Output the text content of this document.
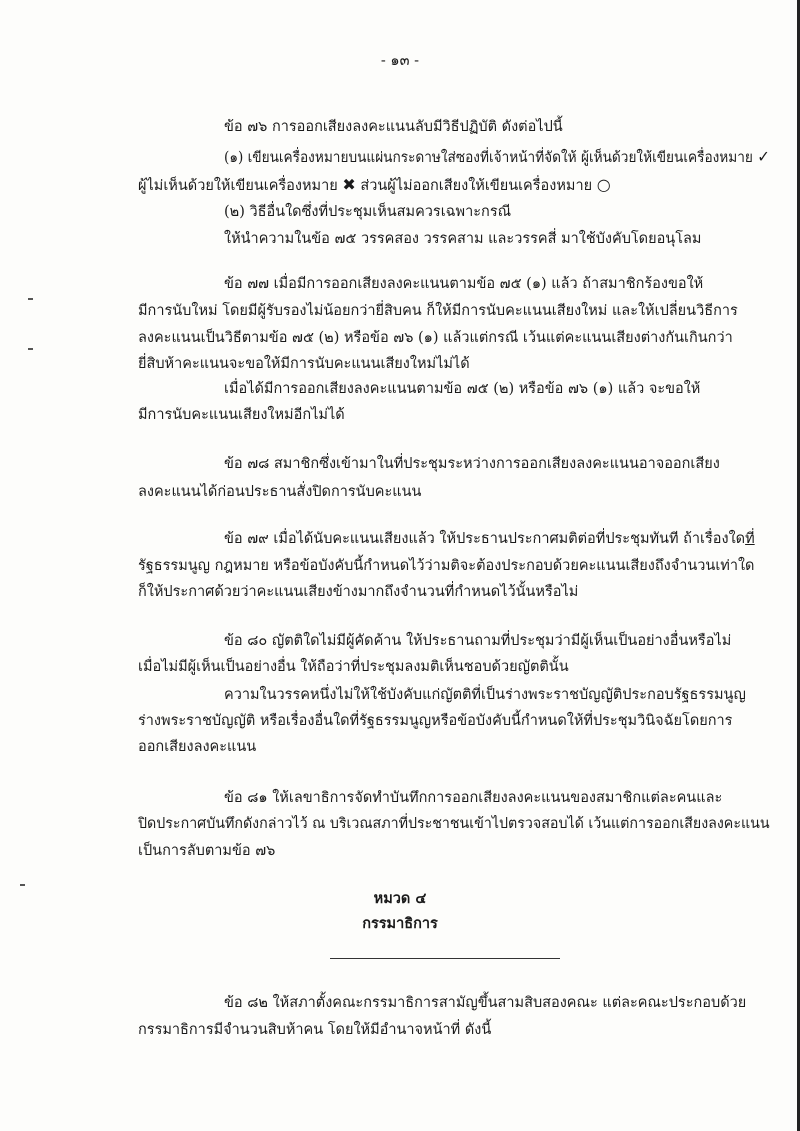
- ๑๓ -
ข้อ ๗๖ การออกเสียงลงคะแนนลับมีวิธีปฏิบัติ ดังต่อไปนี้
(๑) เขียนเครื่องหมายบนแผ่นกระดาษใส่ซองที่เจ้าหน้าที่จัดให้ ผู้เห็นด้วยให้เขียนเครื่องหมาย ✓
ผู้ไม่เห็นด้วยให้เขียนเครื่องหมาย ✖ ส่วนผู้ไม่ออกเสียงให้เขียนเครื่องหมาย ○
(๒) วิธีอื่นใดซึ่งที่ประชุมเห็นสมควรเฉพาะกรณี
ให้นำความในข้อ ๗๕ วรรคสอง วรรคสาม และวรรคสี่ มาใช้บังคับโดยอนุโลม
ข้อ ๗๗ เมื่อมีการออกเสียงลงคะแนนตามข้อ ๗๕ (๑) แล้ว ถ้าสมาชิกร้องขอให้
มีการนับใหม่ โดยมีผู้รับรองไม่น้อยกว่ายี่สิบคน ก็ให้มีการนับคะแนนเสียงใหม่ และให้เปลี่ยนวิธีการ
ลงคะแนนเป็นวิธีตามข้อ ๗๕ (๒) หรือข้อ ๗๖ (๑) แล้วแต่กรณี เว้นแต่คะแนนเสียงต่างกันเกินกว่า
ยี่สิบห้าคะแนนจะขอให้มีการนับคะแนนเสียงใหม่ไม่ได้
เมื่อได้มีการออกเสียงลงคะแนนตามข้อ ๗๕ (๒) หรือข้อ ๗๖ (๑) แล้ว จะขอให้
มีการนับคะแนนเสียงใหม่อีกไม่ได้
ข้อ ๗๘ สมาชิกซึ่งเข้ามาในที่ประชุมระหว่างการออกเสียงลงคะแนนอาจออกเสียง
ลงคะแนนได้ก่อนประธานสั่งปิดการนับคะแนน
ข้อ ๗๙ เมื่อได้นับคะแนนเสียงแล้ว ให้ประธานประกาศมติต่อที่ประชุมทันที ถ้าเรื่องใดที่
รัฐธรรมนูญ กฎหมาย หรือข้อบังคับนี้กำหนดไว้ว่ามติจะต้องประกอบด้วยคะแนนเสียงถึงจำนวนเท่าใด
ก็ให้ประกาศด้วยว่าคะแนนเสียงข้างมากถึงจำนวนที่กำหนดไว้นั้นหรือไม่
ข้อ ๘๐ ญัตติใดไม่มีผู้คัดค้าน ให้ประธานถามที่ประชุมว่ามีผู้เห็นเป็นอย่างอื่นหรือไม่
เมื่อไม่มีผู้เห็นเป็นอย่างอื่น ให้ถือว่าที่ประชุมลงมติเห็นชอบด้วยญัตตินั้น
ความในวรรคหนึ่งไม่ให้ใช้บังคับแก่ญัตติที่เป็นร่างพระราชบัญญัติประกอบรัฐธรรมนูญ
ร่างพระราชบัญญัติ หรือเรื่องอื่นใดที่รัฐธรรมนูญหรือข้อบังคับนี้กำหนดให้ที่ประชุมวินิจฉัยโดยการ
ออกเสียงลงคะแนน
ข้อ ๘๑ ให้เลขาธิการจัดทำบันทึกการออกเสียงลงคะแนนของสมาชิกแต่ละคนและ
ปิดประกาศบันทึกดังกล่าวไว้ ณ บริเวณสภาที่ประชาชนเข้าไปตรวจสอบได้ เว้นแต่การออกเสียงลงคะแนน
เป็นการลับตามข้อ ๗๖
หมวด ๔
กรรมาธิการ
ข้อ ๘๒ ให้สภาตั้งคณะกรรมาธิการสามัญขึ้นสามสิบสองคณะ แต่ละคณะประกอบด้วย
กรรมาธิการมีจำนวนสิบห้าคน โดยให้มีอำนาจหน้าที่ ดังนี้
